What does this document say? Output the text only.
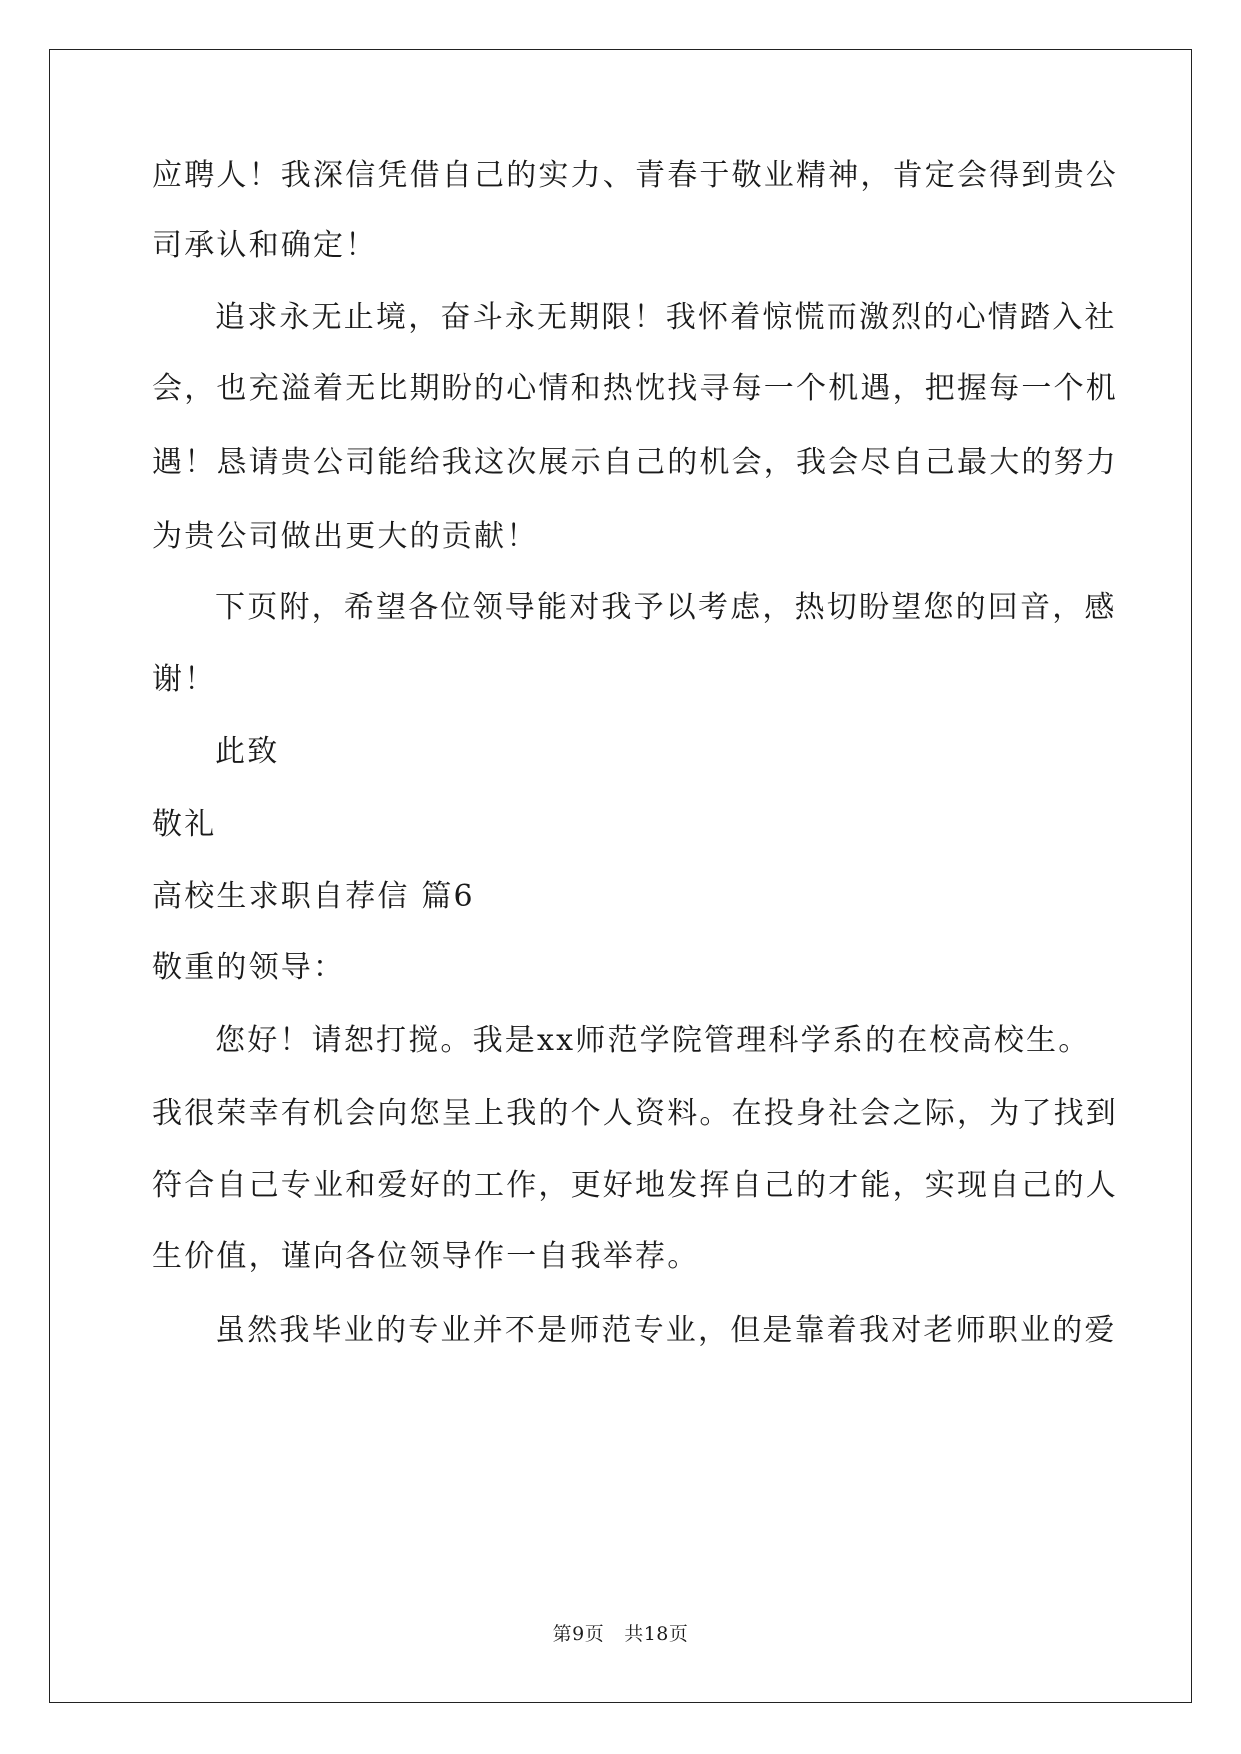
应聘人！我深信凭借自己的实力、青春于敬业精神，肯定会得到贵公
司承认和确定！
追求永无止境，奋斗永无期限！我怀着惊慌而激烈的心情踏入社
会，也充溢着无比期盼的心情和热忱找寻每一个机遇，把握每一个机
遇！恳请贵公司能给我这次展示自己的机会，我会尽自己最大的努力
为贵公司做出更大的贡献！
下页附，希望各位领导能对我予以考虑，热切盼望您的回音，感
谢！
此致
敬礼
高校生求职自荐信 篇6
敬重的领导：
您好！请恕打搅。我是xx师范学院管理科学系的在校高校生。
我很荣幸有机会向您呈上我的个人资料。在投身社会之际，为了找到
符合自己专业和爱好的工作，更好地发挥自己的才能，实现自己的人
生价值，谨向各位领导作一自我举荐。
虽然我毕业的专业并不是师范专业，但是靠着我对老师职业的爱
第9页 共18页
